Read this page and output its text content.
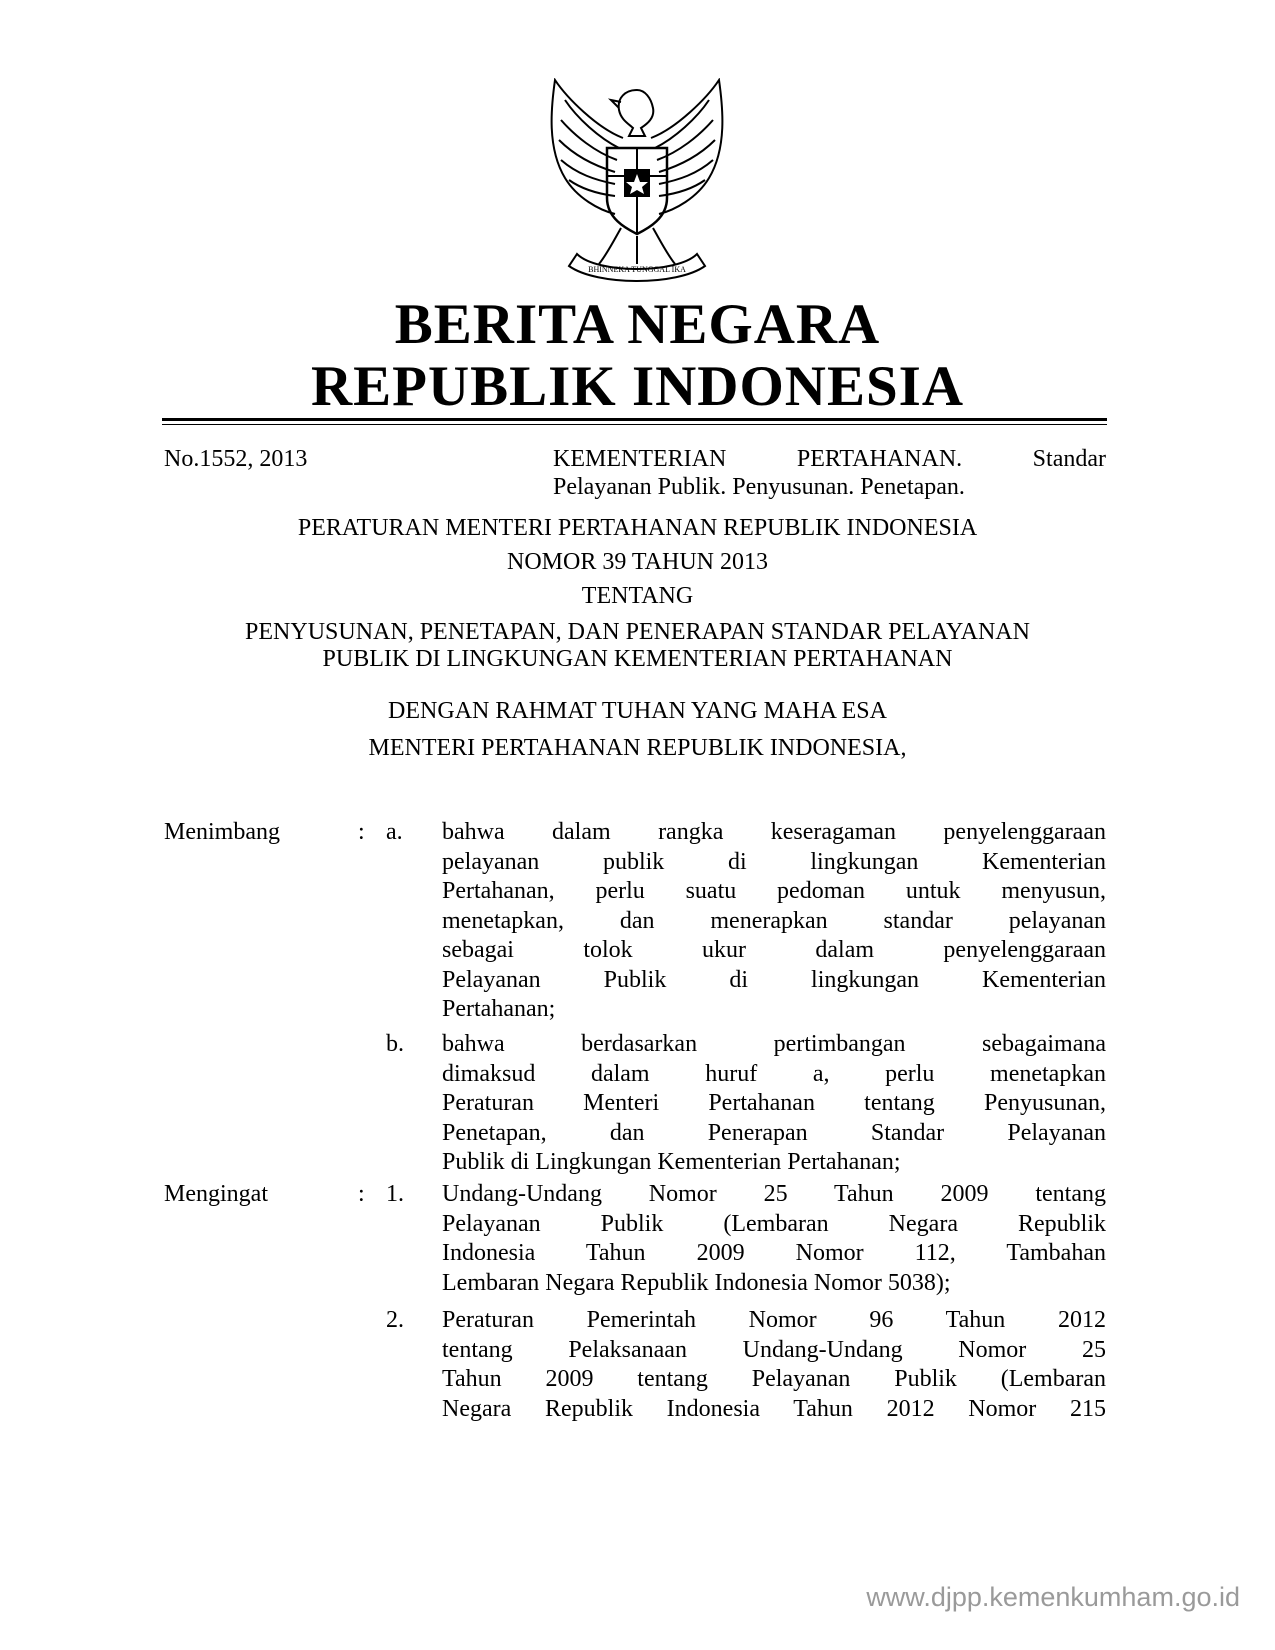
BHINNEKA TUNGGAL IKA
BERITA NEGARA
REPUBLIK INDONESIA
No.1552, 2013	KEMENTERIAN PERTAHANAN. Standar
Pelayanan Publik. Penyusunan. Penetapan.
PERATURAN MENTERI PERTAHANAN REPUBLIK INDONESIA
NOMOR 39 TAHUN 2013
TENTANG
PENYUSUNAN, PENETAPAN, DAN PENERAPAN STANDAR PELAYANAN
PUBLIK DI LINGKUNGAN KEMENTERIAN PERTAHANAN
DENGAN RAHMAT TUHAN YANG MAHA ESA
MENTERI PERTAHANAN REPUBLIK INDONESIA,
Menimbang	: a. bahwa dalam rangka keseragaman penyelenggaraan
pelayanan publik di lingkungan Kementerian
Pertahanan, perlu suatu pedoman untuk menyusun,
menetapkan, dan menerapkan standar pelayanan
sebagai tolok ukur dalam penyelenggaraan
Pelayanan Publik di lingkungan Kementerian
Pertahanan;
b. bahwa berdasarkan pertimbangan sebagaimana
dimaksud dalam huruf a, perlu menetapkan
Peraturan Menteri Pertahanan tentang Penyusunan,
Penetapan, dan Penerapan Standar Pelayanan
Publik di Lingkungan Kementerian Pertahanan;
Mengingat	: 1. Undang-Undang Nomor 25 Tahun 2009 tentang
Pelayanan Publik (Lembaran Negara Republik
Indonesia Tahun 2009 Nomor 112, Tambahan
Lembaran Negara Republik Indonesia Nomor 5038);
2. Peraturan Pemerintah Nomor 96 Tahun 2012
tentang Pelaksanaan Undang-Undang Nomor 25
Tahun 2009 tentang Pelayanan Publik (Lembaran
Negara Republik Indonesia Tahun 2012 Nomor 215
www.djpp.kemenkumham.go.id
